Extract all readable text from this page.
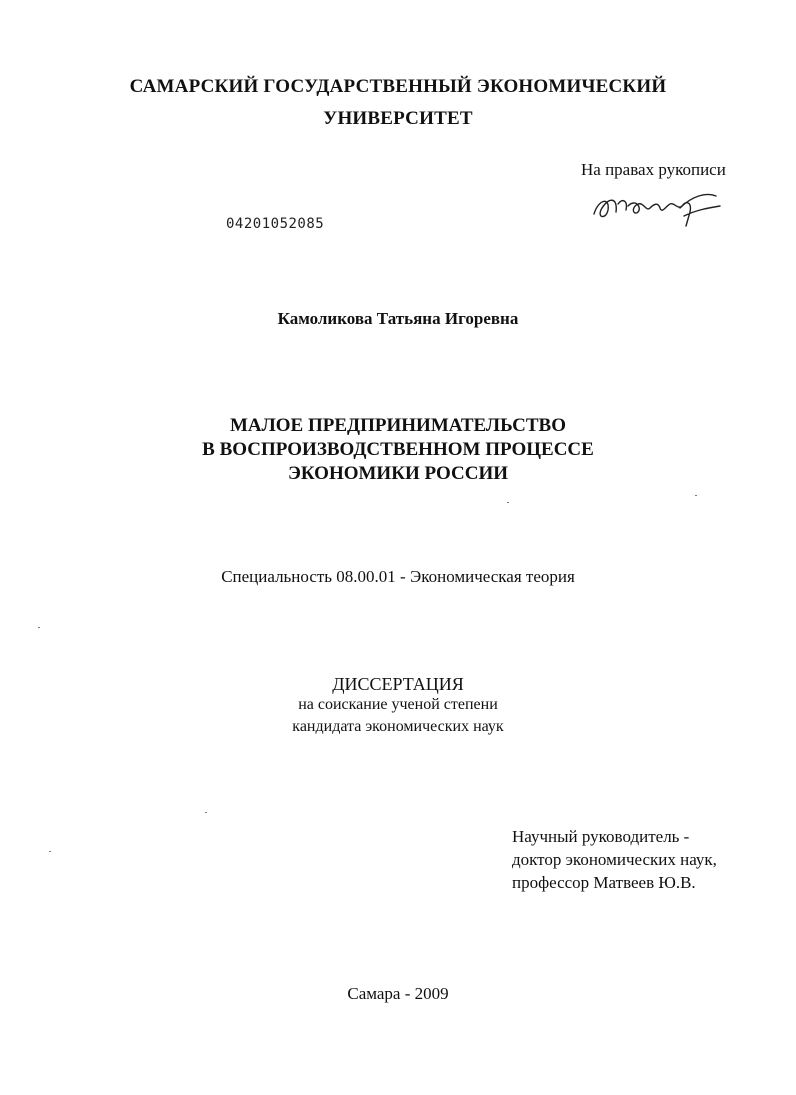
САМАРСКИЙ ГОСУДАРСТВЕННЫЙ ЭКОНОМИЧЕСКИЙ
УНИВЕРСИТЕТ
На правах рукописи
04201052085
Камоликова Татьяна Игоревна
МАЛОЕ ПРЕДПРИНИМАТЕЛЬСТВО
В ВОСПРОИЗВОДСТВЕННОМ ПРОЦЕССЕ
ЭКОНОМИКИ РОССИИ
Специальность 08.00.01 - Экономическая теория
ДИССЕРТАЦИЯ
на соискание ученой степени
кандидата экономических наук
Научный руководитель -
доктор экономических наук,
профессор Матвеев Ю.В.
Самара - 2009
